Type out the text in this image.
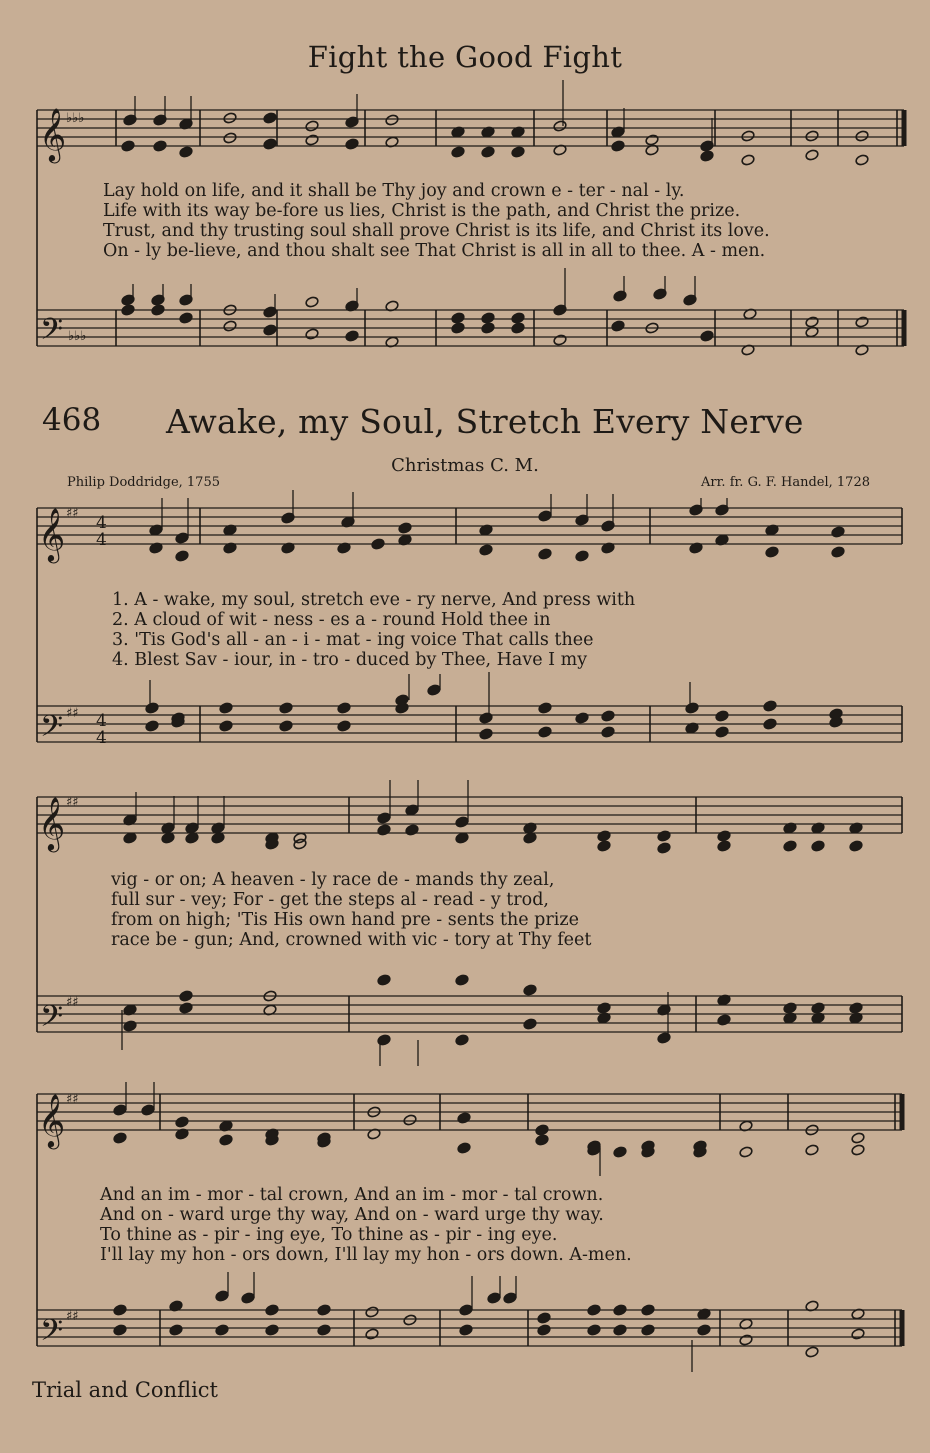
Fight the Good Fight
468 Awake, my Soul, Stretch Every Nerve
Christmas C. M.
Philip Doddridge, 1755	Arr. fr. G. F. Handel, 1728
𝄞
𝄢
♭♭♭
♭♭♭
𝄞
𝄢
♯♯
♯♯
4
4
4
4
𝄞
𝄢
♯♯
♯♯
𝄞
𝄢
♯♯
♯♯
Lay hold on life, and it shall be Thy joy and crown e - ter - nal - ly.
Life with its way be-fore us lies, Christ is the path, and Christ the prize.
Trust, and thy trusting soul shall prove Christ is its life, and Christ its love.
On - ly be-lieve, and thou shalt see That Christ is all in all to thee. A - men.
1. A - wake, my soul, stretch eve - ry nerve, And press with
2. A cloud of wit - ness - es a - round Hold thee in
3. 'Tis God's all - an - i - mat - ing voice That calls thee
4. Blest Sav - iour, in - tro - duced by Thee, Have I my
vig - or on; A heaven - ly race de - mands thy zeal,
full sur - vey; For - get the steps al - read - y trod,
from on high; 'Tis His own hand pre - sents the prize
race be - gun; And, crowned with vic - tory at Thy feet
And an im - mor - tal crown, And an im - mor - tal crown.
And on - ward urge thy way, And on - ward urge thy way.
To thine as - pir - ing eye, To thine as - pir - ing eye.
I'll lay my hon - ors down, I'll lay my hon - ors down. A-men.
Trial and Conflict
